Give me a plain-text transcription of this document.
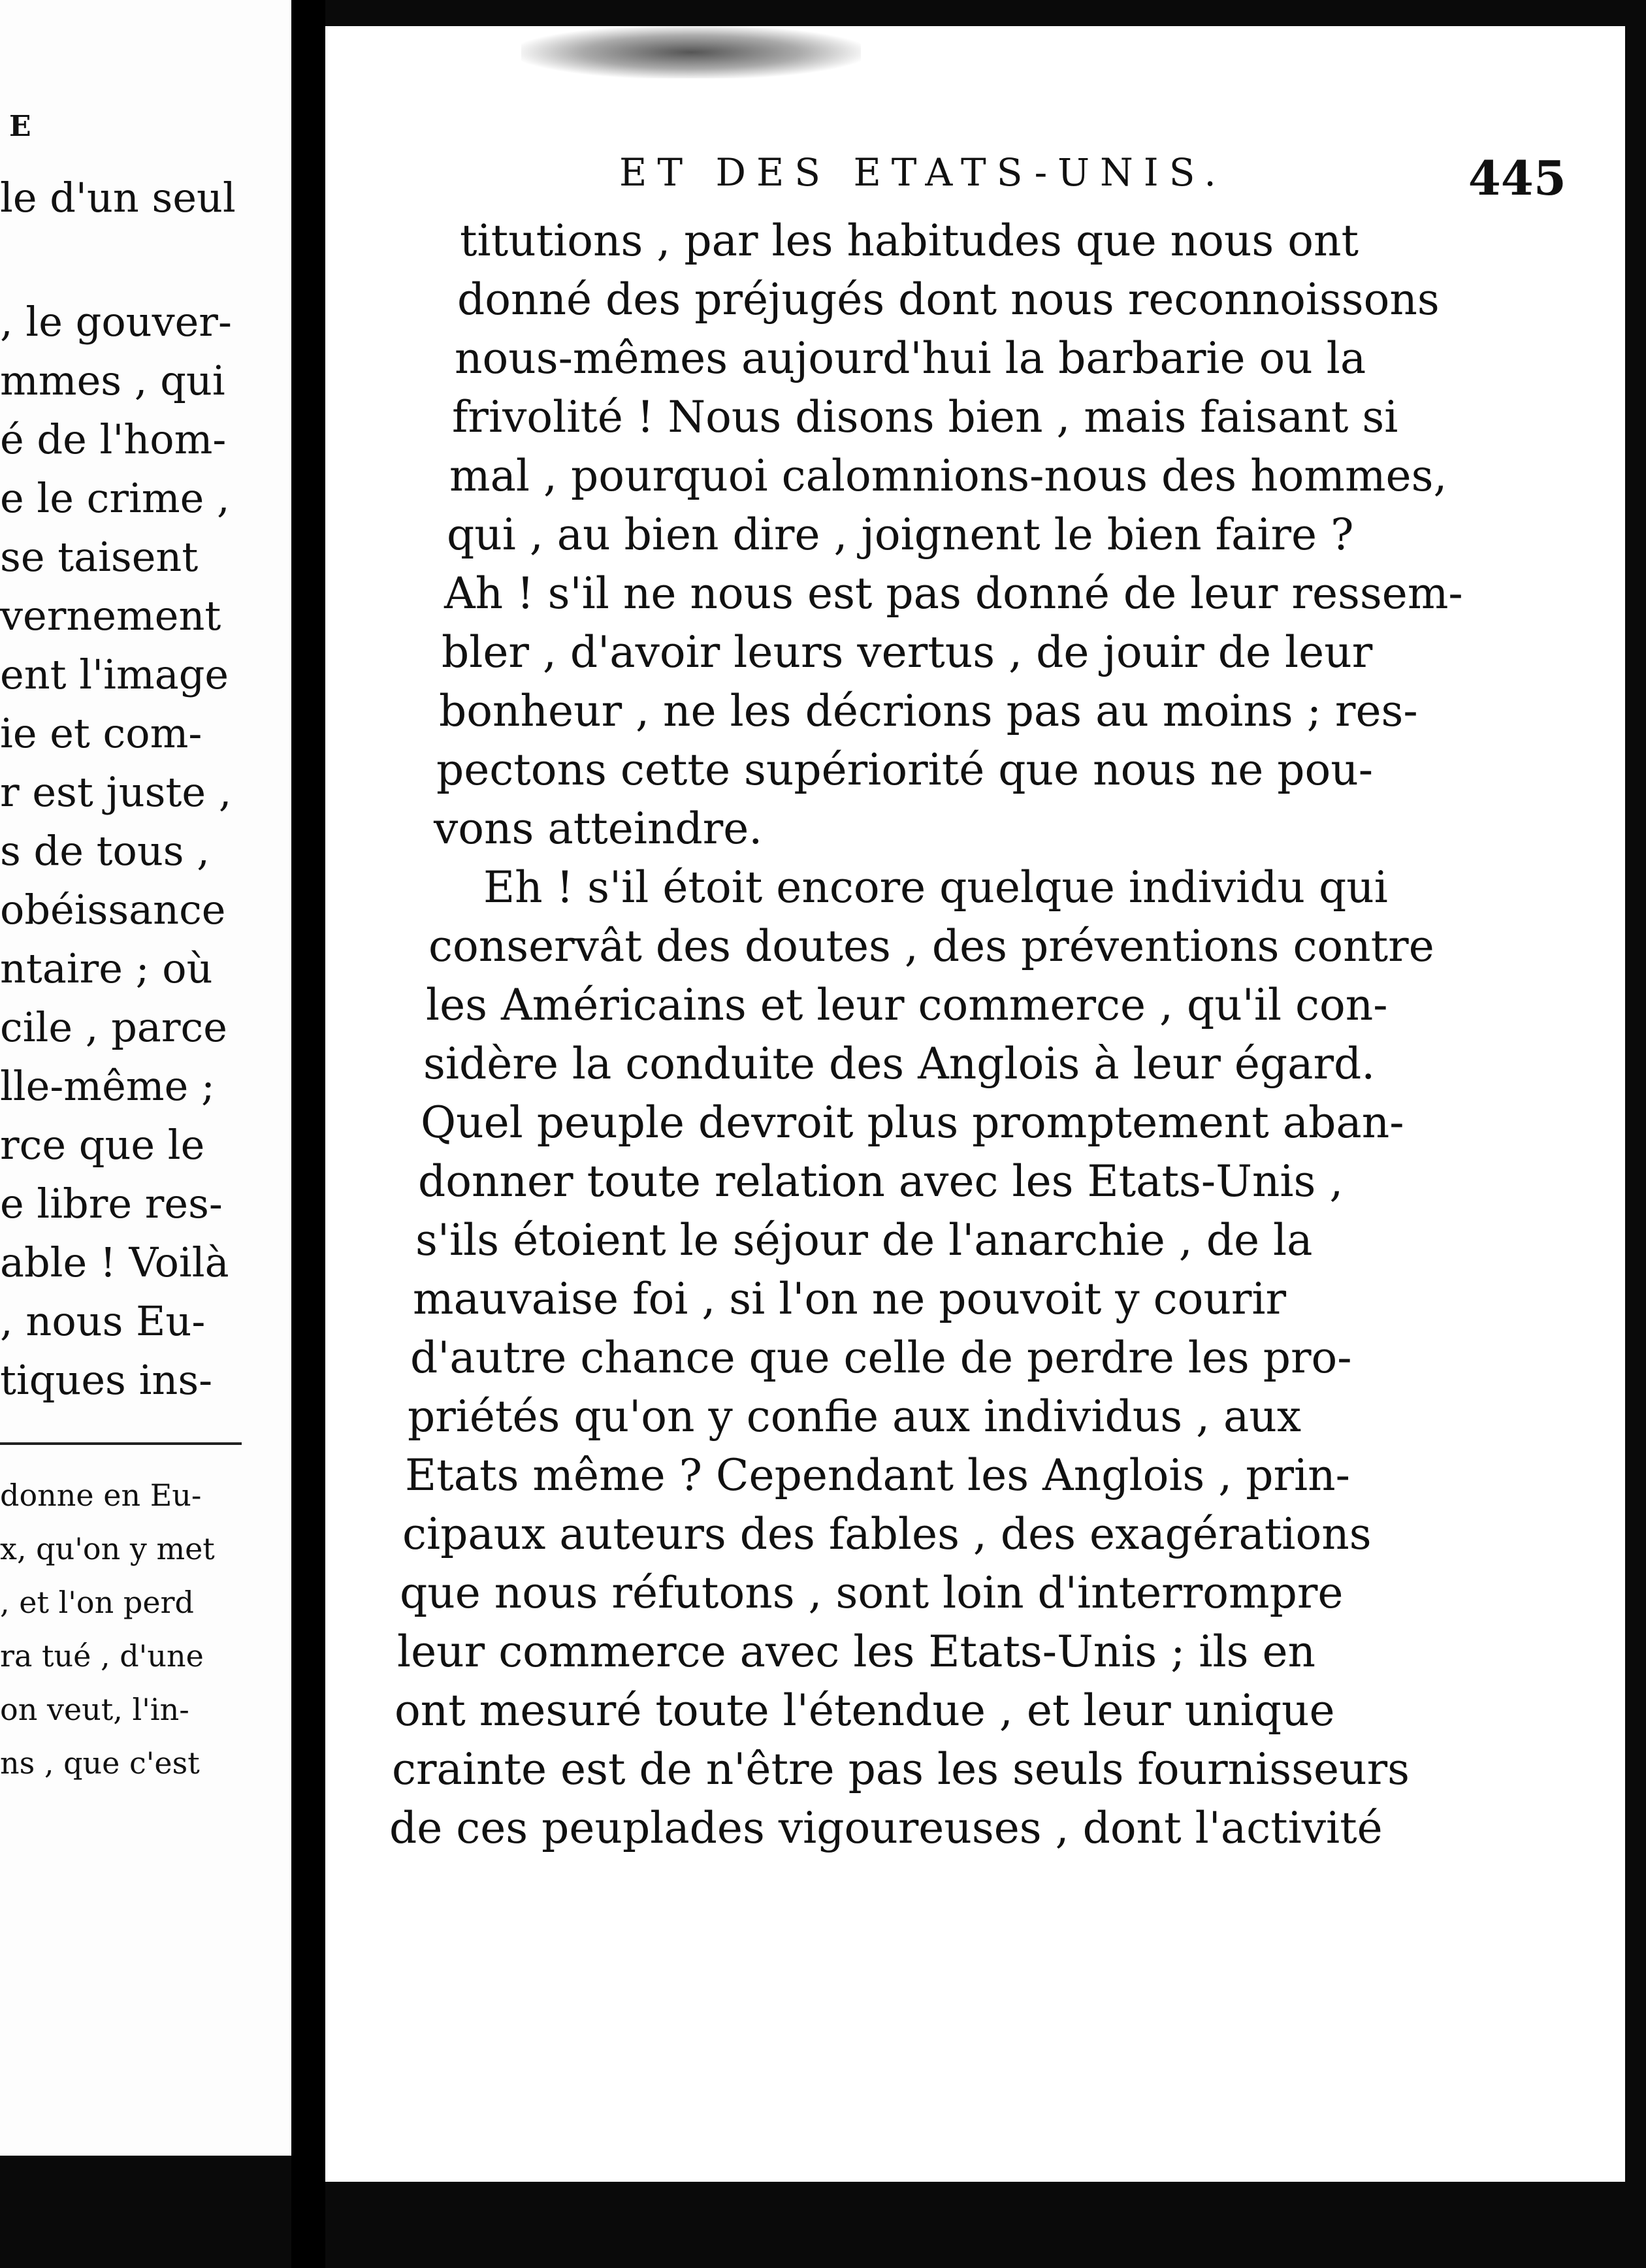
E
le d'un seul
, le gouver-
mmes , qui
é de l'hom-
e le crime ,
se taisent
vernement
ent l'image
ie et com-
r est juste ,
s de tous ,
obéissance
ntaire ; où
cile , parce
lle-même ;
rce que le
e libre res-
able ! Voilà
, nous Eu-
tiques ins-
donne en Eu-
x, qu'on y met
, et l'on perd
ra tué , d'une
on veut, l'in-
ns , que c'est
ET DES ETATS-UNIS.	445
titutions , par les habitudes que nous ont
donné des préjugés dont nous reconnoissons
nous-mêmes aujourd'hui la barbarie ou la
frivolité ! Nous disons bien , mais faisant si
mal , pourquoi calomnions-nous des hommes,
qui , au bien dire , joignent le bien faire ?
Ah ! s'il ne nous est pas donné de leur ressem-
bler , d'avoir leurs vertus , de jouir de leur
bonheur , ne les décrions pas au moins ; res-
pectons cette supériorité que nous ne pou-
vons atteindre.
Eh ! s'il étoit encore quelque individu qui
conservât des doutes , des préventions contre
les Américains et leur commerce , qu'il con-
sidère la conduite des Anglois à leur égard.
Quel peuple devroit plus promptement aban-
donner toute relation avec les Etats-Unis ,
s'ils étoient le séjour de l'anarchie , de la
mauvaise foi , si l'on ne pouvoit y courir
d'autre chance que celle de perdre les pro-
priétés qu'on y confie aux individus , aux
Etats même ? Cependant les Anglois , prin-
cipaux auteurs des fables , des exagérations
que nous réfutons , sont loin d'interrompre
leur commerce avec les Etats-Unis ; ils en
ont mesuré toute l'étendue , et leur unique
crainte est de n'être pas les seuls fournisseurs
de ces peuplades vigoureuses , dont l'activité
